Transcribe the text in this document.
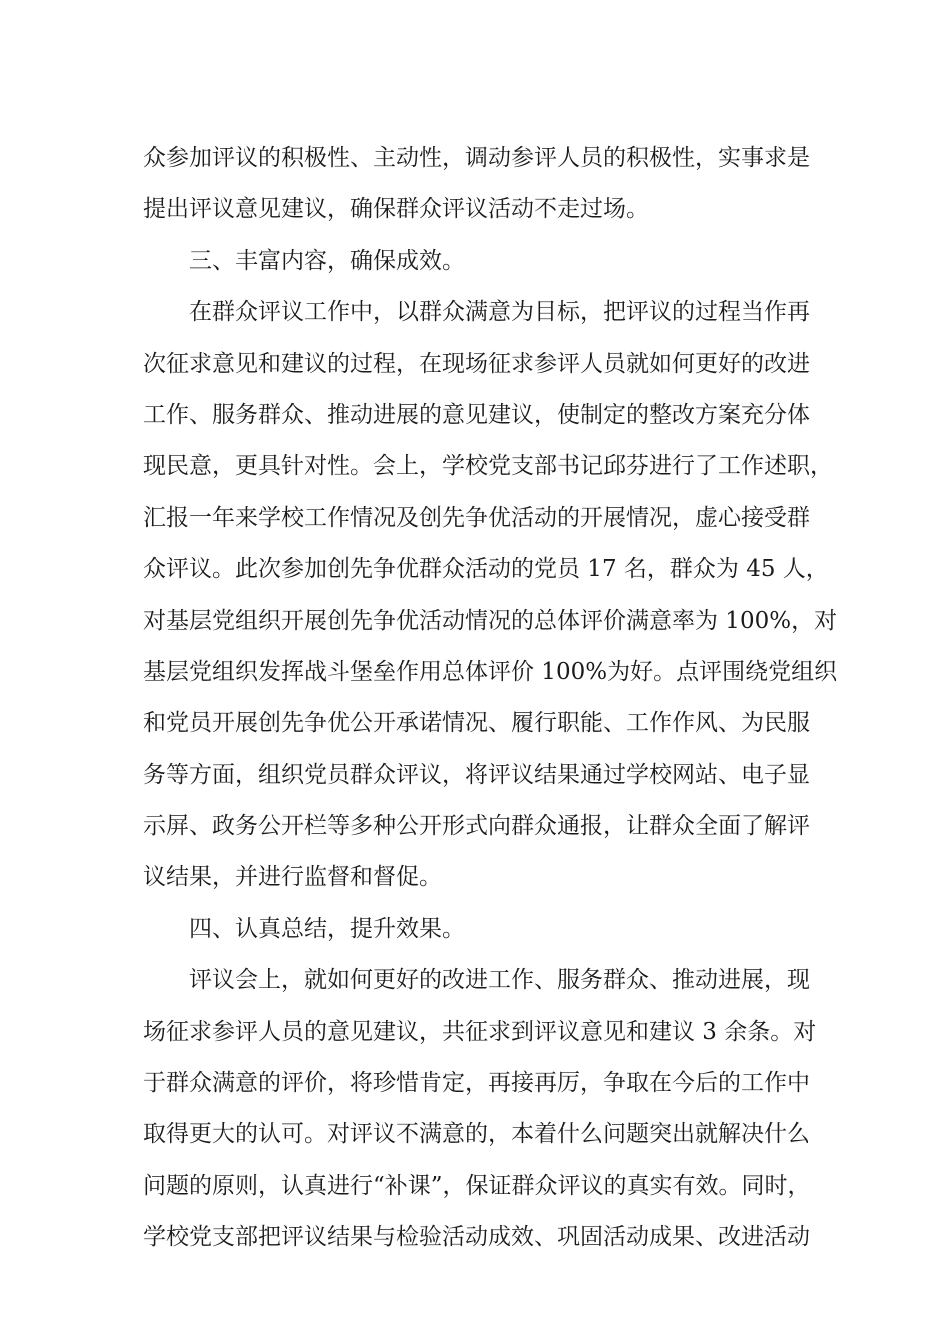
众参加评议的积极性、主动性，调动参评人员的积极性，实事求是
提出评议意见建议，确保群众评议活动不走过场。
三、丰富内容，确保成效。
在群众评议工作中，以群众满意为目标，把评议的过程当作再
次征求意见和建议的过程，在现场征求参评人员就如何更好的改进
工作、服务群众、推动进展的意见建议，使制定的整改方案充分体
现民意，更具针对性。会上，学校党支部书记邱芬进行了工作述职，
汇报一年来学校工作情况及创先争优活动的开展情况，虚心接受群
众评议。此次参加创先争优群众活动的党员 17 名，群众为 45 人，
对基层党组织开展创先争优活动情况的总体评价满意率为 100%，对
基层党组织发挥战斗堡垒作用总体评价 100%为好。点评围绕党组织
和党员开展创先争优公开承诺情况、履行职能、工作作风、为民服
务等方面，组织党员群众评议，将评议结果通过学校网站、电子显
示屏、政务公开栏等多种公开形式向群众通报，让群众全面了解评
议结果，并进行监督和督促。
四、认真总结，提升效果。
评议会上，就如何更好的改进工作、服务群众、推动进展，现
场征求参评人员的意见建议，共征求到评议意见和建议 3 余条。对
于群众满意的评价，将珍惜肯定，再接再厉，争取在今后的工作中
取得更大的认可。对评议不满意的，本着什么问题突出就解决什么
问题的原则，认真进行“补课”，保证群众评议的真实有效。同时，
学校党支部把评议结果与检验活动成效、巩固活动成果、改进活动
